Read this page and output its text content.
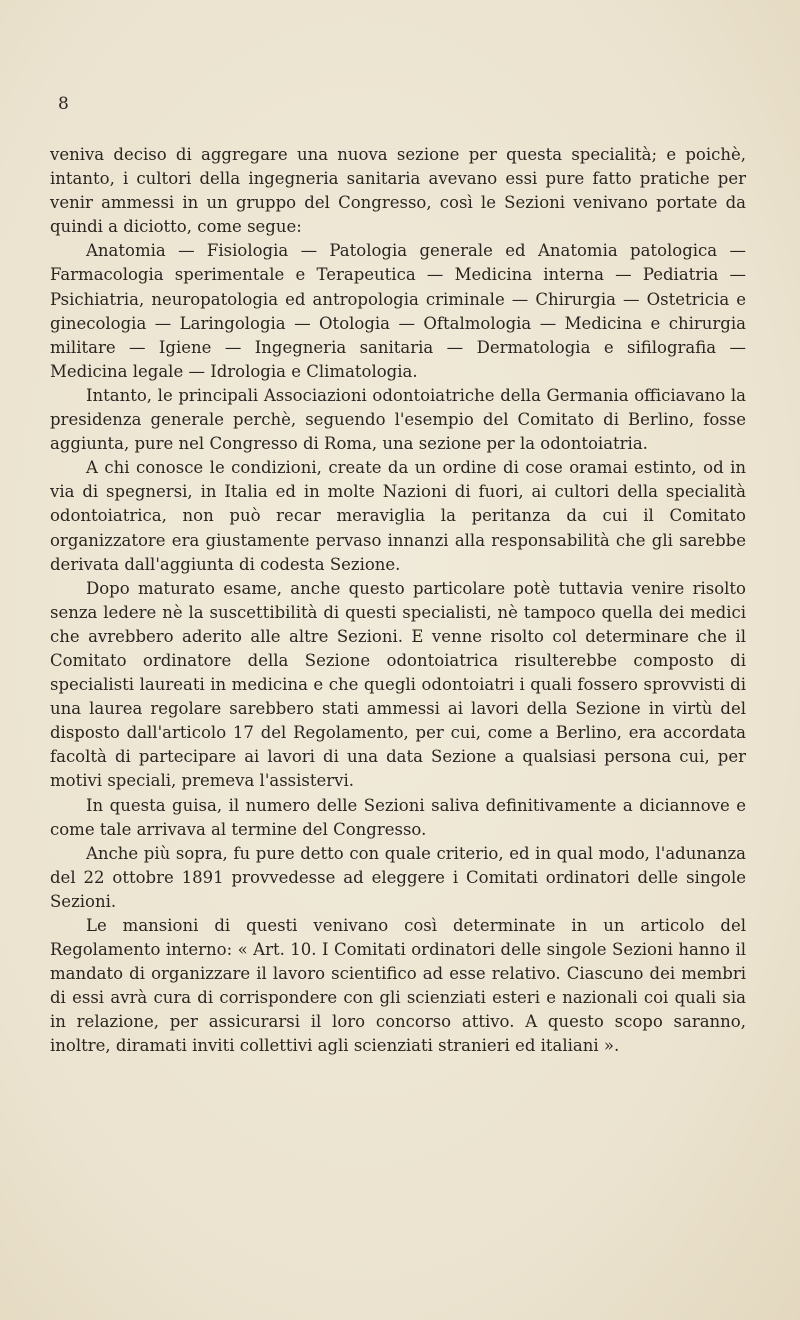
8

veniva deciso di aggregare una nuova sezione per questa specialità; e poichè, intanto, i cultori della ingegneria sanitaria avevano essi pure fatto pratiche per venir ammessi in un gruppo del Congresso, così le Sezioni venivano portate da quindi a diciotto, come segue:

Anatomia — Fisiologia — Patologia generale ed Anatomia patologica — Farmacologia sperimentale e Terapeutica — Medicina interna — Pediatria — Psichiatria, neuropatologia ed antropologia criminale — Chirurgia — Ostetricia e ginecologia — Laringologia — Otologia — Oftalmologia — Medicina e chirurgia militare — Igiene — Ingegneria sanitaria — Dermatologia e sifilografia — Medicina legale — Idrologia e Climatologia.

Intanto, le principali Associazioni odontoiatriche della Germania officiavano la presidenza generale perchè, seguendo l'esempio del Comitato di Berlino, fosse aggiunta, pure nel Congresso di Roma, una sezione per la odontoiatria.

A chi conosce le condizioni, create da un ordine di cose oramai estinto, od in via di spegnersi, in Italia ed in molte Nazioni di fuori, ai cultori della specialità odontoiatrica, non può recar meraviglia la peritanza da cui il Comitato organizzatore era giustamente pervaso innanzi alla responsabilità che gli sarebbe derivata dall'aggiunta di codesta Sezione.

Dopo maturato esame, anche questo particolare potè tuttavia venire risolto senza ledere nè la suscettibilità di questi specialisti, nè tampoco quella dei medici che avrebbero aderito alle altre Sezioni. E venne risolto col determinare che il Comitato ordinatore della Sezione odontoiatrica risulterebbe composto di specialisti laureati in medicina e che quegli odontoiatri i quali fossero sprovvisti di una laurea regolare sarebbero stati ammessi ai lavori della Sezione in virtù del disposto dall'articolo 17 del Regolamento, per cui, come a Berlino, era accordata facoltà di partecipare ai lavori di una data Sezione a qualsiasi persona cui, per motivi speciali, premeva l'assistervi.

In questa guisa, il numero delle Sezioni saliva definitivamente a diciannove e come tale arrivava al termine del Congresso.

Anche più sopra, fu pure detto con quale criterio, ed in qual modo, l'adunanza del 22 ottobre 1891 provvedesse ad eleggere i Comitati ordinatori delle singole Sezioni.

Le mansioni di questi venivano così determinate in un articolo del Regolamento interno: « Art. 10. I Comitati ordinatori delle singole Sezioni hanno il mandato di organizzare il lavoro scientifico ad esse relativo. Ciascuno dei membri di essi avrà cura di corrispondere con gli scienziati esteri e nazionali coi quali sia in relazione, per assicurarsi il loro concorso attivo. A questo scopo saranno, inoltre, diramati inviti collettivi agli scienziati stranieri ed italiani ».
